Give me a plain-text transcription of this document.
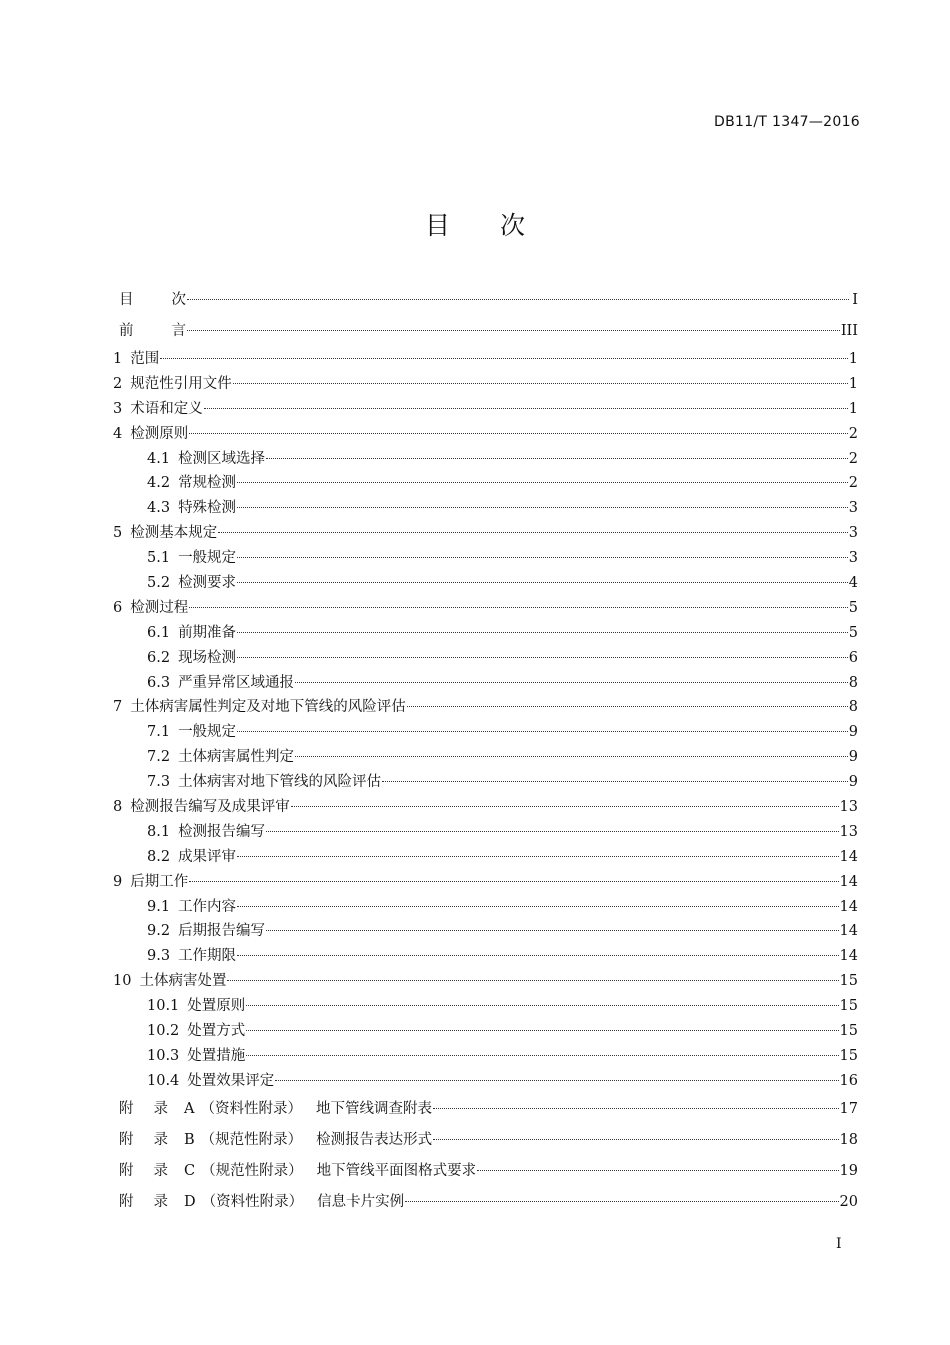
DB11/T 1347—2016
目 次
目	次	I
前	言	III
1 范围	1
2 规范性引用文件	1
3 术语和定义	1
4 检测原则	2
4.1 检测区域选择	2
4.2 常规检测	2
4.3 特殊检测	3
5 检测基本规定	3
5.1 一般规定	3
5.2 检测要求	4
6 检测过程	5
6.1 前期准备	5
6.2 现场检测	6
6.3 严重异常区域通报	8
7 土体病害属性判定及对地下管线的风险评估	8
7.1 一般规定	9
7.2 土体病害属性判定	9
7.3 土体病害对地下管线的风险评估	9
8 检测报告编写及成果评审	13
8.1 检测报告编写	13
8.2 成果评审	14
9 后期工作	14
9.1 工作内容	14
9.2 后期报告编写	14
9.3 工作期限	14
10 土体病害处置	15
10.1 处置原则	15
10.2 处置方式	15
10.3 处置措施	15
10.4 处置效果评定	16
附 录 A （资料性附录） 地下管线调查附表	17
附 录 B （规范性附录） 检测报告表达形式	18
附 录 C （规范性附录） 地下管线平面图格式要求	19
附 录 D （资料性附录） 信息卡片实例	20
I
